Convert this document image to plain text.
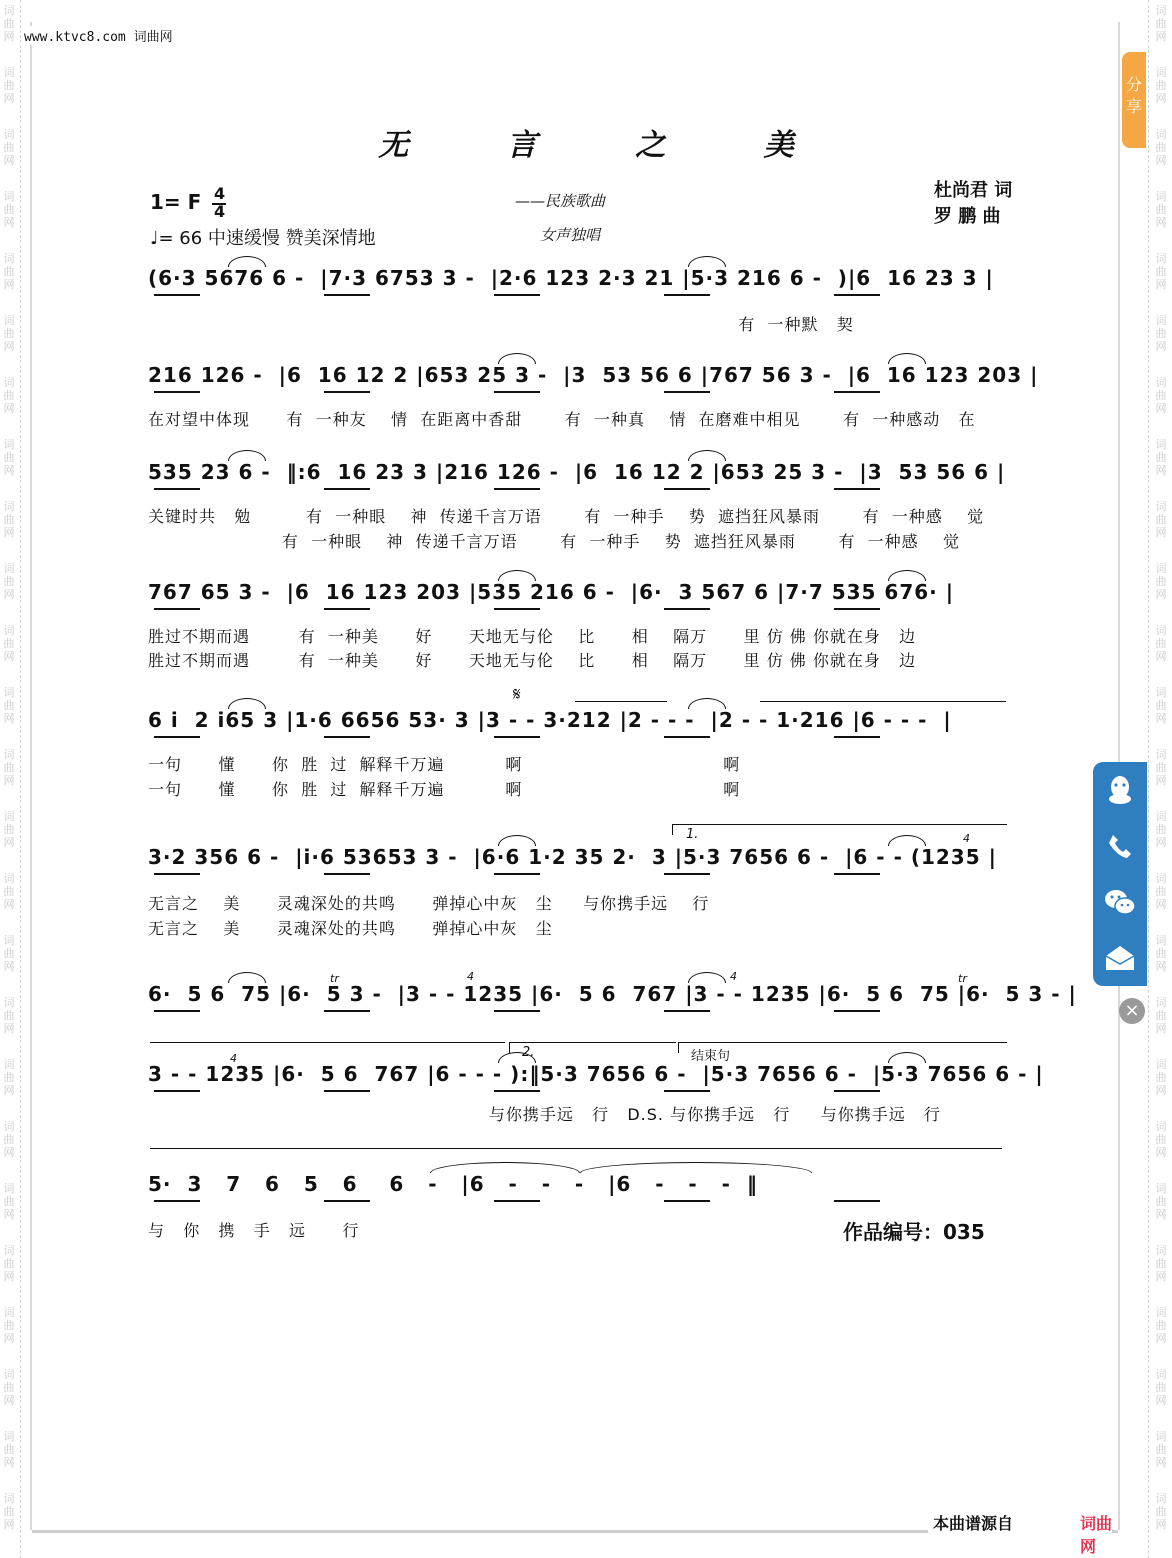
词
曲
网
词
曲
网
词
曲
网
词
曲
网
词
曲
网
词
曲
网
词
曲
网
词
曲
网
词
曲
网
词
曲
网
词
曲
网
词
曲
网
词
曲
网
词
曲
网
词
曲
网
词
曲
网
词
曲
网
词
曲
网
词
曲
网
词
曲
网
词
曲
网
词
曲
网
词
曲
网
词
曲
网
词
曲
网
词
曲
网
词
曲
网
词
曲
网
词
曲
网
词
曲
网
词
曲
网
词
曲
网
词
曲
网
词
曲
网
词
曲
网
词
曲
网
词
曲
网
词
曲
网
词
曲
网
词
曲
网
词
曲
网
词
曲
网
词
曲
网
词
曲
网
词
曲
网
词
曲
网
词
曲
网
词
曲
网
词
曲
网
词
曲
网
www.ktvc8.com 词曲网
无 言 之 美
1= F 4
4
♩= 66 中速缓慢 赞美深情地
——民族歌曲
女声独唱
杜尚君 词
罗 鹏 曲
(6·3 5676 6 -  |7·3 6753 3 -  |2·6 123 2·3 21 |5·3 216 6 -  )|6  16 23 3 |
有  一种默   契
216 126 -  |6  16 12 2 |653 25 3 -  |3  53 56 6 |767 56 3 -  |6  16 123 203 |
在对望中体现      有  一种友    情  在距离中香甜       有  一种真    情  在磨难中相见       有  一种感动   在
535 23 6 -  ‖:6  16 23 3 |216 126 -  |6  16 12 2 |653 25 3 -  |3  53 56 6 |
关键时共   勉         有  一种眼    神  传递千言万语       有  一种手    势  遮挡狂风暴雨       有  一种感    觉
有  一种眼    神  传递千言万语       有  一种手    势  遮挡狂风暴雨       有  一种感    觉
767 65 3 -  |6  16 123 203 |535 216 6 -  |6·  3 567 6 |7·7 535 676· |
胜过不期而遇        有  一种美      好      天地无与伦    比      相    隔万      里 仿 佛 你就在身   边
胜过不期而遇        有  一种美      好      天地无与伦    比      相    隔万      里 仿 佛 你就在身   边
6 i  2 i65 3 |1·6 6656 53· 3 |3 - - 3·212 |2 - - -  |2 - - 1·216 |6 - - -  |
一句      懂      你  胜  过  解释千万遍          啊                                 啊
一句      懂      你  胜  过  解释千万遍          啊                                 啊
3·2 356 6 -  |i·6 53653 3 -  |6·6 1·2 35 2·  3 |5·3 7656 6 -  |6 - - (1235 |
无言之    美      灵魂深处的共鸣      弹掉心中灰   尘     与你携手远    行
无言之    美      灵魂深处的共鸣      弹掉心中灰   尘
6·  5 6  75 |6·  5 3 -  |3 - - 1235 |6·  5 6  767 |3 - - 1235 |6·  5 6  75 |6·  5 3 - |
3 - - 1235 |6·  5 6  767 |6 - - - ):‖5·3 7656 6 -  |5·3 7656 6 -  |5·3 7656 6 - |
与你携手远   行   D.S. 与你携手远   行     与你携手远   行
5·  3   7   6   5   6    6   -   |6   -   -   -   |6   -   -   -  ‖
与   你   携   手   远      行
𝄋
1.
2.	结束句
tr	tr
4
4	4
4
作品编号：035
本曲谱源自	词曲网
分享
×
